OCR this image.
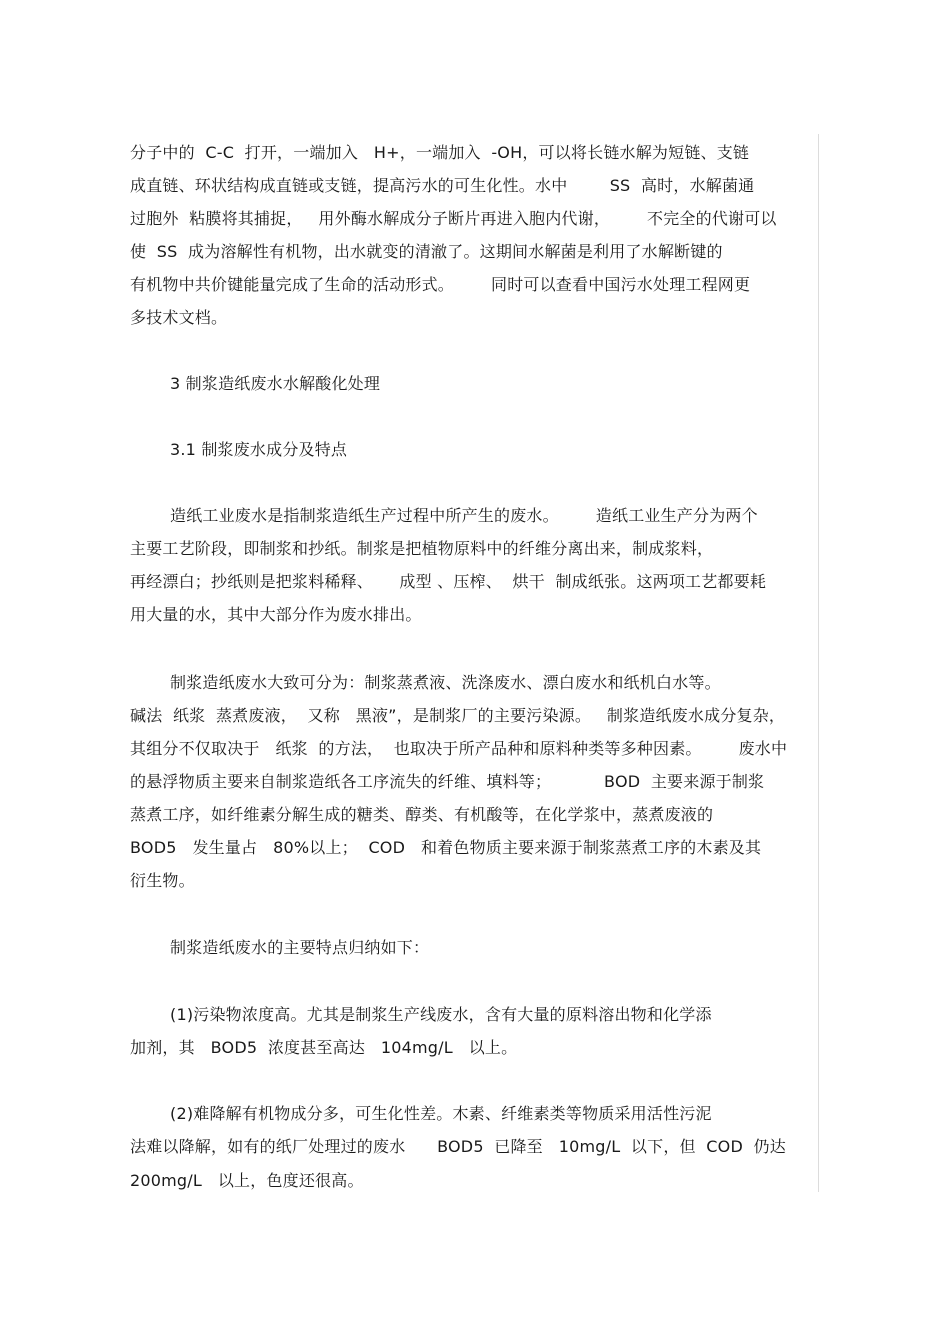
分子中的  C-C  打开，一端加入   H+，一端加入  -OH，可以将长链水解为短链、支链
成直链、环状结构成直链或支链，提高污水的可生化性。水中        SS  高时，水解菌通
过胞外  粘膜将其捕捉，   用外酶水解成分子断片再进入胞内代谢，       不完全的代谢可以
使  SS  成为溶解性有机物，出水就变的清澈了。这期间水解菌是利用了水解断键的
有机物中共价键能量完成了生命的活动形式。       同时可以查看中国污水处理工程网更
多技术文档。
3 制浆造纸废水水解酸化处理
3.1 制浆废水成分及特点
造纸工业废水是指制浆造纸生产过程中所产生的废水。       造纸工业生产分为两个
主要工艺阶段，即制浆和抄纸。制浆是把植物原料中的纤维分离出来，制成浆料，
再经漂白；抄纸则是把浆料稀释、     成型 、压榨、  烘干  制成纸张。这两项工艺都要耗
用大量的水，其中大部分作为废水排出。
制浆造纸废水大致可分为：制浆蒸煮液、洗涤废水、漂白废水和纸机白水等。
碱法  纸浆  蒸煮废液，  又称   黑液”，是制浆厂的主要污染源。   制浆造纸废水成分复杂，
其组分不仅取决于   纸浆  的方法，  也取决于所产品种和原料种类等多种因素。       废水中
的悬浮物质主要来自制浆造纸各工序流失的纤维、填料等；          BOD  主要来源于制浆
蒸煮工序，如纤维素分解生成的糖类、醇类、有机酸等，在化学浆中，蒸煮废液的
BOD5   发生量占   80%以上；  COD   和着色物质主要来源于制浆蒸煮工序的木素及其
衍生物。
制浆造纸废水的主要特点归纳如下：
(1)污染物浓度高。尤其是制浆生产线废水，含有大量的原料溶出物和化学添
加剂，其   BOD5  浓度甚至高达   104mg/L   以上。
(2)难降解有机物成分多，可生化性差。木素、纤维素类等物质采用活性污泥
法难以降解，如有的纸厂处理过的废水      BOD5  已降至   10mg/L  以下，但  COD  仍达
200mg/L   以上，色度还很高。
